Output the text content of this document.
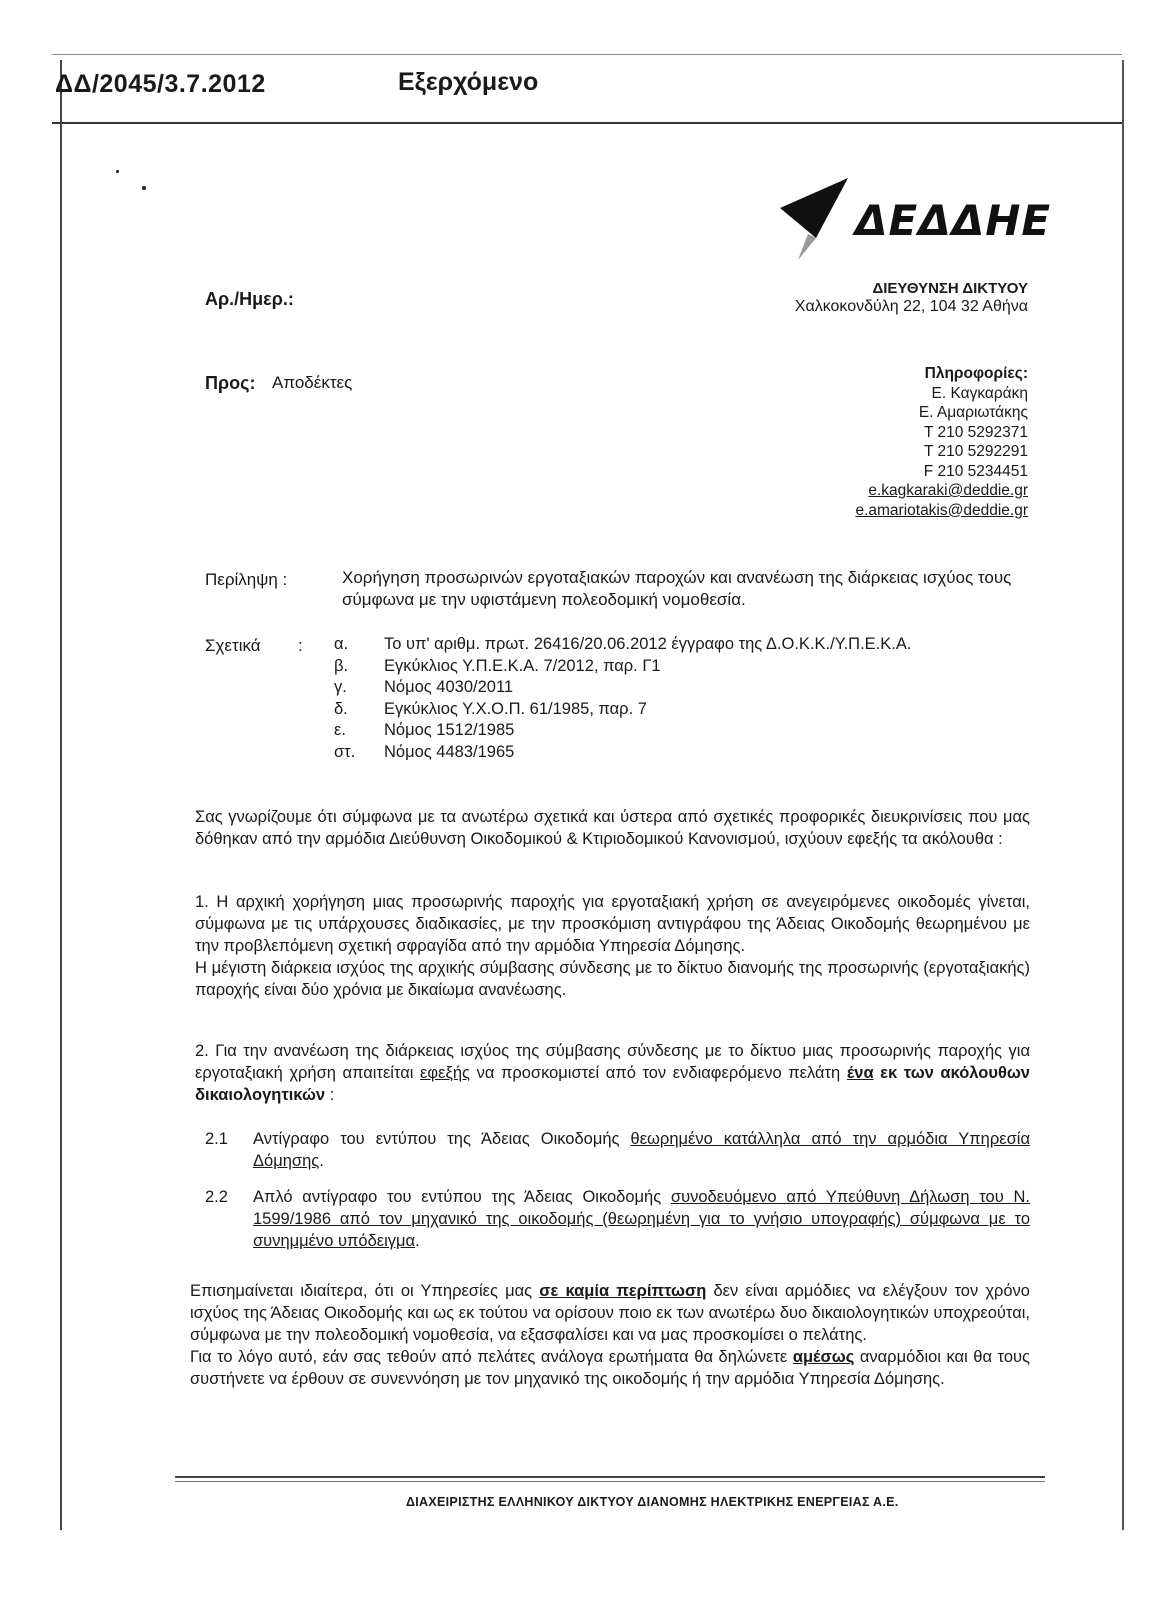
ΔΔ/2045/3.7.2012	Εξερχόμενο
ΔΕΔΔΗΕ
ΔΙΕΥΘΥΝΣΗ ΔΙΚΤΥΟΥ
Χαλκοκονδύλη 22, 104 32 Αθήνα
Αρ./Ημερ.:
Προς: Αποδέκτες	Πληροφορίες:
Ε. Καγκαράκη
Ε. Αμαριωτάκης
Τ 210 5292371
Τ 210 5292291
F 210 5234451
e.kagkaraki@deddie.gr
e.amariotakis@deddie.gr
Περίληψη :	Χορήγηση προσωρινών εργοταξιακών παροχών και ανανέωση της διάρκειας ισχύος τους σύμφωνα με την υφιστάμενη πολεοδομική νομοθεσία.
Σχετικά : α.	Το υπ' αριθμ. πρωτ. 26416/20.06.2012 έγγραφο της Δ.Ο.Κ.Κ./Υ.Π.Ε.Κ.Α.
β.	Εγκύκλιος Υ.Π.Ε.Κ.Α. 7/2012, παρ. Γ1
γ.	Νόμος 4030/2011
δ.	Εγκύκλιος Υ.Χ.Ο.Π. 61/1985, παρ. 7
ε.	Νόμος 1512/1985
στ.	Νόμος 4483/1965
Σας γνωρίζουμε ότι σύμφωνα με τα ανωτέρω σχετικά και ύστερα από σχετικές προφορικές διευκρινίσεις που μας δόθηκαν από την αρμόδια Διεύθυνση Οικοδομικού & Κτιριοδομικού Κανονισμού, ισχύουν εφεξής τα ακόλουθα :
1. Η αρχική χορήγηση μιας προσωρινής παροχής για εργοταξιακή χρήση σε ανεγειρόμενες οικοδομές γίνεται, σύμφωνα με τις υπάρχουσες διαδικασίες, με την προσκόμιση αντιγράφου της Άδειας Οικοδομής θεωρημένου με την προβλεπόμενη σχετική σφραγίδα από την αρμόδια Υπηρεσία Δόμησης.
Η μέγιστη διάρκεια ισχύος της αρχικής σύμβασης σύνδεσης με το δίκτυο διανομής της προσωρινής (εργοταξιακής) παροχής είναι δύο χρόνια με δικαίωμα ανανέωσης.
2. Για την ανανέωση της διάρκειας ισχύος της σύμβασης σύνδεσης με το δίκτυο μιας προσωρινής παροχής για εργοταξιακή χρήση απαιτείται εφεξής να προσκομιστεί από τον ενδιαφερόμενο πελάτη ένα εκ των ακόλουθων δικαιολογητικών :
2.1	Αντίγραφο του εντύπου της Άδειας Οικοδομής θεωρημένο κατάλληλα από την αρμόδια Υπηρεσία Δόμησης.
2.2	Απλό αντίγραφο του εντύπου της Άδειας Οικοδομής συνοδευόμενο από Υπεύθυνη Δήλωση του Ν. 1599/1986 από τον μηχανικό της οικοδομής (θεωρημένη για το γνήσιο υπογραφής) σύμφωνα με το συνημμένο υπόδειγμα.
Επισημαίνεται ιδιαίτερα, ότι οι Υπηρεσίες μας σε καμία περίπτωση δεν είναι αρμόδιες να ελέγξουν τον χρόνο ισχύος της Άδειας Οικοδομής και ως εκ τούτου να ορίσουν ποιο εκ των ανωτέρω δυο δικαιολογητικών υποχρεούται, σύμφωνα με την πολεοδομική νομοθεσία, να εξασφαλίσει και να μας προσκομίσει ο πελάτης.
Για το λόγο αυτό, εάν σας τεθούν από πελάτες ανάλογα ερωτήματα θα δηλώνετε αμέσως αναρμόδιοι και θα τους συστήνετε να έρθουν σε συνεννόηση με τον μηχανικό της οικοδομής ή την αρμόδια Υπηρεσία Δόμησης.
ΔΙΑΧΕΙΡΙΣΤΗΣ ΕΛΛΗΝΙΚΟΥ ΔΙΚΤΥΟΥ ΔΙΑΝΟΜΗΣ ΗΛΕΚΤΡΙΚΗΣ ΕΝΕΡΓΕΙΑΣ Α.Ε.
